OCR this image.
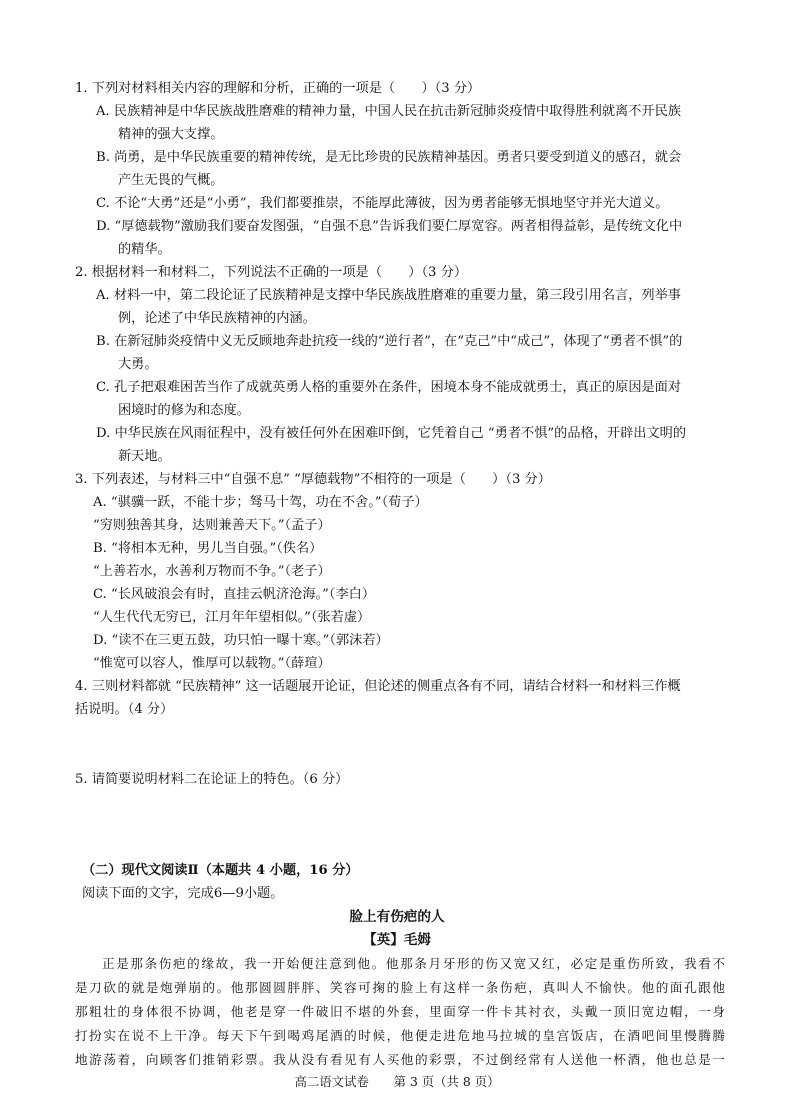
1. 下列对材料相关内容的理解和分析，正确的一项是（　　）（3 分）
A. 民族精神是中华民族战胜磨难的精神力量，中国人民在抗击新冠肺炎疫情中取得胜利就离不开民族
精神的强大支撑。
B. 尚勇，是中华民族重要的精神传统，是无比珍贵的民族精神基因。勇者只要受到道义的感召，就会
产生无畏的气概。
C. 不论“大勇”还是“小勇”，我们都要推崇，不能厚此薄彼，因为勇者能够无惧地坚守并光大道义。
D. “厚德载物”激励我们要奋发图强，“自强不息”告诉我们要仁厚宽容。两者相得益彰，是传统文化中
的精华。
2. 根据材料一和材料二，下列说法不正确的一项是（　　）（3 分）
A. 材料一中，第二段论证了民族精神是支撑中华民族战胜磨难的重要力量，第三段引用名言，列举事
例，论述了中华民族精神的内涵。
B. 在新冠肺炎疫情中义无反顾地奔赴抗疫一线的“逆行者”，在“克己”中“成己”，体现了“勇者不惧”的
大勇。
C. 孔子把艰难困苦当作了成就英勇人格的重要外在条件，困境本身不能成就勇士，真正的原因是面对
困境时的修为和态度。
D. 中华民族在风雨征程中，没有被任何外在困难吓倒，它凭着自己 “勇者不惧”的品格，开辟出文明的
新天地。
3. 下列表述，与材料三中“自强不息” “厚德载物”不相符的一项是（　　）（3 分）
A. “骐骥一跃，不能十步；驽马十驾，功在不舍。”（荀子）
“穷则独善其身，达则兼善天下。”（孟子）
B. “将相本无种，男儿当自强。”（佚名）
“上善若水，水善利万物而不争。”（老子）
C. “长风破浪会有时，直挂云帆济沧海。”（李白）
“人生代代无穷已，江月年年望相似。”（张若虚）
D. “读不在三更五鼓，功只怕一曝十寒。”（郭沫若）
“惟宽可以容人，惟厚可以载物。”（薛瑄）
4. 三则材料都就 “民族精神” 这一话题展开论证，但论述的侧重点各有不同，请结合材料一和材料三作概
括说明。（4 分）
5. 请简要说明材料二在论证上的特色。（6 分）
（二）现代文阅读Ⅱ（本题共 4 小题，16 分）
阅读下面的文字，完成6—9小题。
脸上有伤疤的人
【英】毛姆
正是那条伤疤的缘故，我一开始便注意到他。他那条月牙形的伤又宽又红，必定是重伤所致，我看不
是刀砍的就是炮弹崩的。他那圆圆胖胖、笑容可掬的脸上有这样一条伤疤，真叫人不愉快。他的面孔跟他
那粗壮的身体很不协调，他老是穿一件破旧不堪的外套，里面穿一件卡其衬衣，头戴一顶旧宽边帽，一身
打扮实在说不上干净。每天下午到喝鸡尾酒的时候，他便走进危地马拉城的皇宫饭店，在酒吧间里慢腾腾
地游荡着，向顾客们推销彩票。我从没有看见有人买他的彩票，不过倒经常有人送他一杯酒，他也总是一
高二语文试卷　　第 3 页（共 8 页）
